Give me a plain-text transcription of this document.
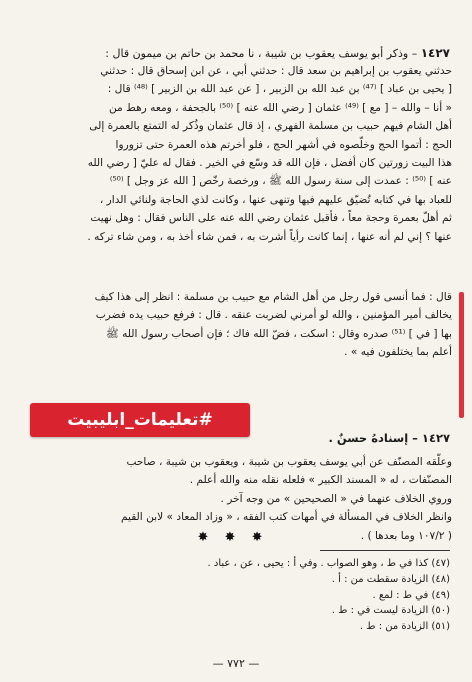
١٤٢٧ – وذكر أبو يوسف يعقوب بن شيبة ، نا محمد بن حاتم بن ميمون قال :
حدثني يعقوب بن إبراهيم بن سعد قال : حدثني أبي ، عن ابن إسحاق قال : حدثني
[ يحيى بن عباد ] ⁽⁴⁷⁾ بن عبد الله بن الزبير ، [ عن عبد الله بن الزبير ] ⁽⁴⁸⁾ قال :
« أنا – والله – [ مع ] ⁽⁴⁹⁾ عثمان [ رضي الله عنه ] ⁽⁵⁰⁾ بالجحفة ، ومعه رهط من
أهل الشام فيهم حبيب بن مسلمة الفهري ، إذ قال عثمان وذُكر له التمتع بالعمرة إلى
الحج : أتموا الحج وخلّصوه في أشهر الحج ، فلو أخرتم هذه العمرة حتى تزوروا
هذا البيت زورتين كان أفضل ، فإن الله قد وسّع في الخير . فقال له عليّ [ رضي الله
عنه ] ⁽⁵⁰⁾ : عمدت إلى سنة رسول الله ﷺ ، ورخصة رخّص [ الله عز وجل ] ⁽⁵⁰⁾
للعباد بها في كتابه تُضيّق عليهم فيها وتنهى عنها ، وكانت لذي الحاجة ولنائي الدار ،
ثم أهلّ بعمرة وحجة معاً ، فأقبل عثمان رضي الله عنه على الناس فقال : وهل نهيت
عنها ؟ إني لم أنه عنها ، إنما كانت رأياً أشرت به ، فمن شاء أخذ به ، ومن شاء تركه .
قال : فما أنسى قول رجل من أهل الشام مع حبيب بن مسلمة : انظر إلى هذا كيف
يخالف أمير المؤمنين ، والله لو أمرني لضربت عنقه . قال : فرفع حبيب يده فضرب
بها [ في ] ⁽⁵¹⁾ صدره وقال : اسكت ، فضّ الله فاك ؛ فإن أصحاب رسول الله ﷺ
أعلم بما يختلفون فيه » .
١٤٢٧ – إسنادهُ حسنٌ .
#تعليمات_ابليبيت
وعلّقه المصنّف عن أبي يوسف يعقوب بن شيبة ، ويعقوب بن شيبة ، صاحب
المصنّفات ، له « المسند الكبير » فلعله نقله منه والله أعلم .
وروي الخلاف عنهما في « الصحيحين » من وجه آخر .
وانظر الخلاف في المسألة في أمهات كتب الفقه ، « وزاد المعاد » لابن القيم
( ١٠٧/٢ وما بعدها ) .
✸ ✸ ✸
(٤٧) كذا في ط ، وهو الصواب . وفي أ : يحيى ، عن ، عباد .
(٤٨) الزيادة سقطت من : أ .
(٤٩) في ط : لمع .
(٥٠) الزيادة ليست في : ط .
(٥١) الزيادة من : ط .
— ٧٧٢ —
